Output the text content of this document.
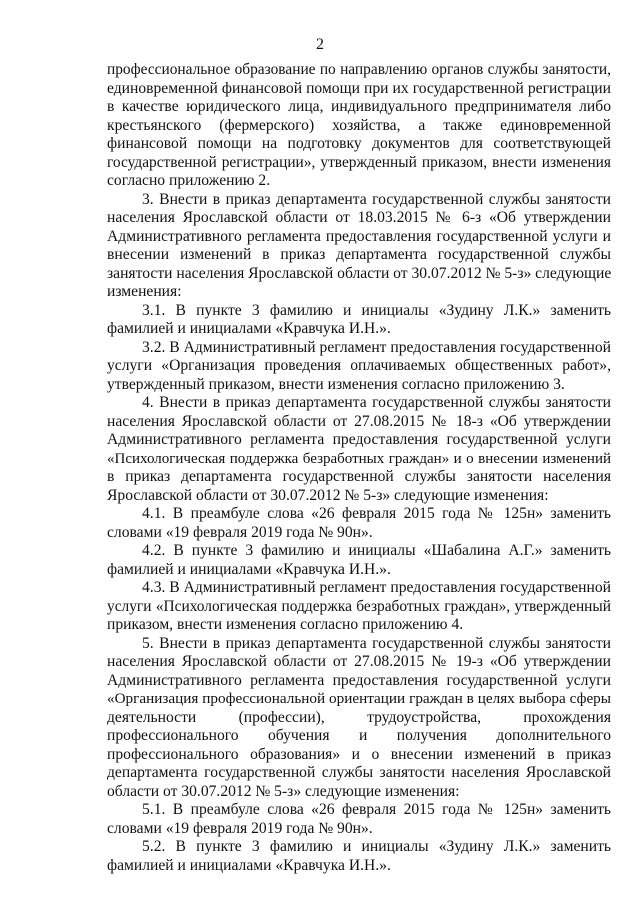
2
профессиональное образование по направлению органов службы занятости,
единовременной финансовой помощи при их государственной регистрации
в качестве юридического лица, индивидуального предпринимателя либо
крестьянского (фермерского) хозяйства, а также единовременной
финансовой помощи на подготовку документов для соответствующей
государственной регистрации», утвержденный приказом, внести изменения
согласно приложению 2.
3. Внести в приказ департамента государственной службы занятости
населения Ярославской области от 18.03.2015 № 6-з «Об утверждении
Административного регламента предоставления государственной услуги и
внесении изменений в приказ департамента государственной службы
занятости населения Ярославской области от 30.07.2012 № 5-з» следующие
изменения:
3.1. В пункте 3 фамилию и инициалы «Зудину Л.К.» заменить
фамилией и инициалами «Кравчука И.Н.».
3.2. В Административный регламент предоставления государственной
услуги «Организация проведения оплачиваемых общественных работ»,
утвержденный приказом, внести изменения согласно приложению 3.
4. Внести в приказ департамента государственной службы занятости
населения Ярославской области от 27.08.2015 № 18-з «Об утверждении
Административного регламента предоставления государственной услуги
«Психологическая поддержка безработных граждан» и о внесении изменений
в приказ департамента государственной службы занятости населения
Ярославской области от 30.07.2012 № 5-з» следующие изменения:
4.1. В преамбуле слова «26 февраля 2015 года № 125н» заменить
словами «19 февраля 2019 года № 90н».
4.2. В пункте 3 фамилию и инициалы «Шабалина А.Г.» заменить
фамилией и инициалами «Кравчука И.Н.».
4.3. В Административный регламент предоставления государственной
услуги «Психологическая поддержка безработных граждан», утвержденный
приказом, внести изменения согласно приложению 4.
5. Внести в приказ департамента государственной службы занятости
населения Ярославской области от 27.08.2015 № 19-з «Об утверждении
Административного регламента предоставления государственной услуги
«Организация профессиональной ориентации граждан в целях выбора сферы
деятельности (профессии), трудоустройства, прохождения
профессионального обучения и получения дополнительного
профессионального образования» и о внесении изменений в приказ
департамента государственной службы занятости населения Ярославской
области от 30.07.2012 № 5-з» следующие изменения:
5.1. В преамбуле слова «26 февраля 2015 года № 125н» заменить
словами «19 февраля 2019 года № 90н».
5.2. В пункте 3 фамилию и инициалы «Зудину Л.К.» заменить
фамилией и инициалами «Кравчука И.Н.».
